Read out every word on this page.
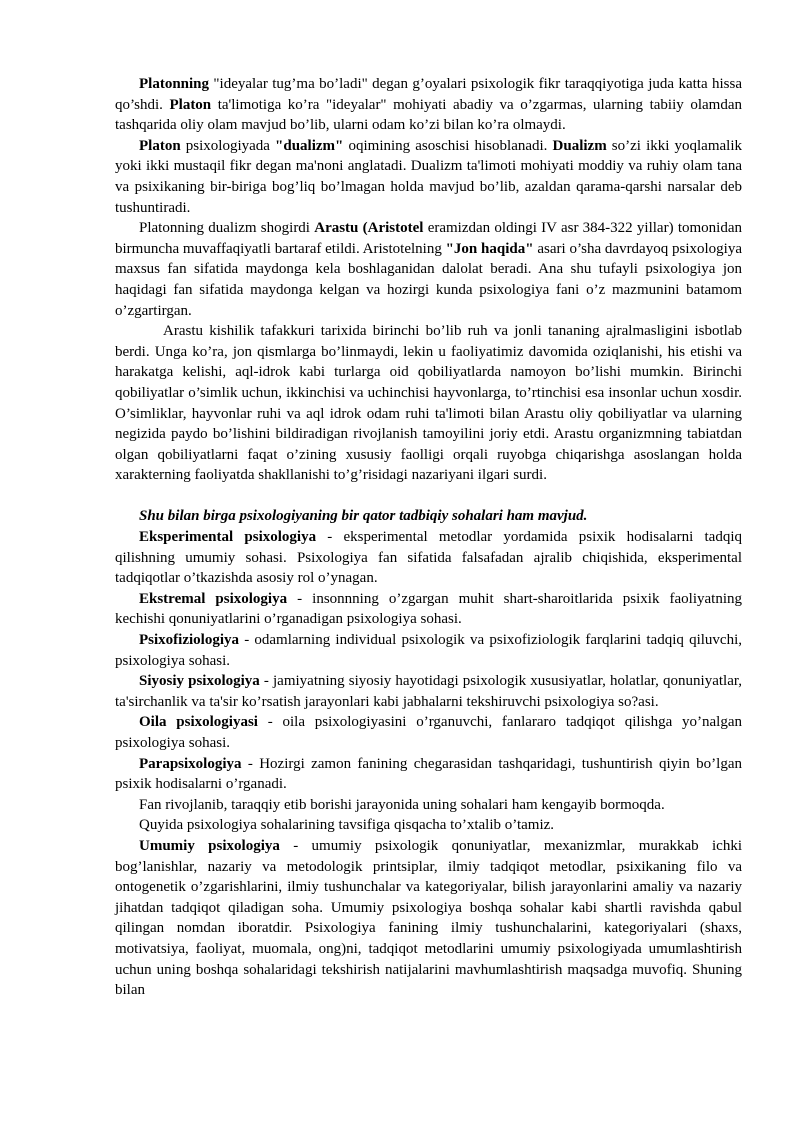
Platonning "ideyalar tug’ma bo’ladi" degan g’oyalari psixologik fikr taraqqiyotiga juda katta hissa qo’shdi. Platon ta'limotiga ko’ra "ideyalar" mohiyati abadiy va o’zgarmas, ularning tabiiy olamdan tashqarida oliy olam mavjud bo’lib, ularni odam ko’zi bilan ko’ra olmaydi.

Platon psixologiyada "dualizm" oqimining asoschisi hisoblanadi. Dualizm so’zi ikki yoqlamalik yoki ikki mustaqil fikr degan ma'noni anglatadi. Dualizm ta'limoti mohiyati moddiy va ruhiy olam tana va psixikaning bir-biriga bog’liq bo’lmagan holda mavjud bo’lib, azaldan qarama-qarshi narsalar deb tushuntiradi.

Platonning dualizm shogirdi Arastu (Aristotel eramizdan oldingi IV asr 384-322 yillar) tomonidan birmuncha muvaffaqiyatli bartaraf etildi. Aristotelning "Jon haqida" asari o’sha davrdayoq psixologiya maxsus fan sifatida maydonga kela boshlaganidan dalolat beradi. Ana shu tufayli psixologiya jon haqidagi fan sifatida maydonga kelgan va hozirgi kunda psixologiya fani o’z mazmunini batamom o’zgartirgan.

Arastu kishilik tafakkuri tarixida birinchi bo’lib ruh va jonli tananing ajralmasligini isbotlab berdi. Unga ko’ra, jon qismlarga bo’linmaydi, lekin u faoliyatimiz davomida oziqlanishi, his etishi va harakatga kelishi, aql-idrok kabi turlarga oid qobiliyatlarda namoyon bo’lishi mumkin. Birinchi qobiliyatlar o’simlik uchun, ikkinchisi va uchinchisi hayvonlarga, to’rtinchisi esa insonlar uchun xosdir. O’simliklar, hayvonlar ruhi va aql idrok odam ruhi ta'limoti bilan Arastu oliy qobiliyatlar va ularning negizida paydo bo’lishini bildiradigan rivojlanish tamoyilini joriy etdi. Arastu organizmning tabiatdan olgan qobiliyatlarni faqat o’zining xususiy faolligi orqali ruyobga chiqarishga asoslangan holda xarakterning faoliyatda shakllanishi to’g’risidagi nazariyani ilgari surdi.

Shu bilan birga psixologiyaning bir qator tadbiqiy sohalari ham mavjud.

Eksperimental psixologiya - eksperimental metodlar yordamida psixik hodisalarni tadqiq qilishning umumiy sohasi. Psixologiya fan sifatida falsafadan ajralib chiqishida, eksperimental tadqiqotlar o’tkazishda asosiy rol o’ynagan.

Ekstremal psixologiya - insonnning o’zgargan muhit shart-sharoitlarida psixik faoliyatning kechishi qonuniyatlarini o’rganadigan psixologiya sohasi.

Psixofiziologiya - odamlarning individual psixologik va psixofiziologik farqlarini tadqiq qiluvchi, psixologiya sohasi.

Siyosiy psixologiya - jamiyatning siyosiy hayotidagi psixologik xususiyatlar, holatlar, qonuniyatlar, ta'sirchanlik va ta'sir ko’rsatish jarayonlari kabi jabhalarni tekshiruvchi psixologiya so?asi.

Oila psixologiyasi - oila psixologiyasini o’rganuvchi, fanlararo tadqiqot qilishga yo’nalgan psixologiya sohasi.

Parapsixologiya - Hozirgi zamon fanining chegarasidan tashqaridagi, tushuntirish qiyin bo’lgan psixik hodisalarni o’rganadi.

Fan rivojlanib, taraqqiy etib borishi jarayonida uning sohalari ham kengayib bormoqda.

Quyida psixologiya sohalarining tavsifiga qisqacha to’xtalib o’tamiz.

Umumiy psixologiya - umumiy psixologik qonuniyatlar, mexanizmlar, murakkab ichki bog’lanishlar, nazariy va metodologik printsiplar, ilmiy tadqiqot metodlar, psixikaning filo va ontogenetik o’zgarishlarini, ilmiy tushunchalar va kategoriyalar, bilish jarayonlarini amaliy va nazariy jihatdan tadqiqot qiladigan soha. Umumiy psixologiya boshqa sohalar kabi shartli ravishda qabul qilingan nomdan iboratdir. Psixologiya fanining ilmiy tushunchalarini, kategoriyalari (shaxs, motivatsiya, faoliyat, muomala, ong)ni, tadqiqot metodlarini umumiy psixologiyada umumlashtirish uchun uning boshqa sohalaridagi tekshirish natijalarini mavhumlashtirish maqsadga muvofiq. Shuning bilan
